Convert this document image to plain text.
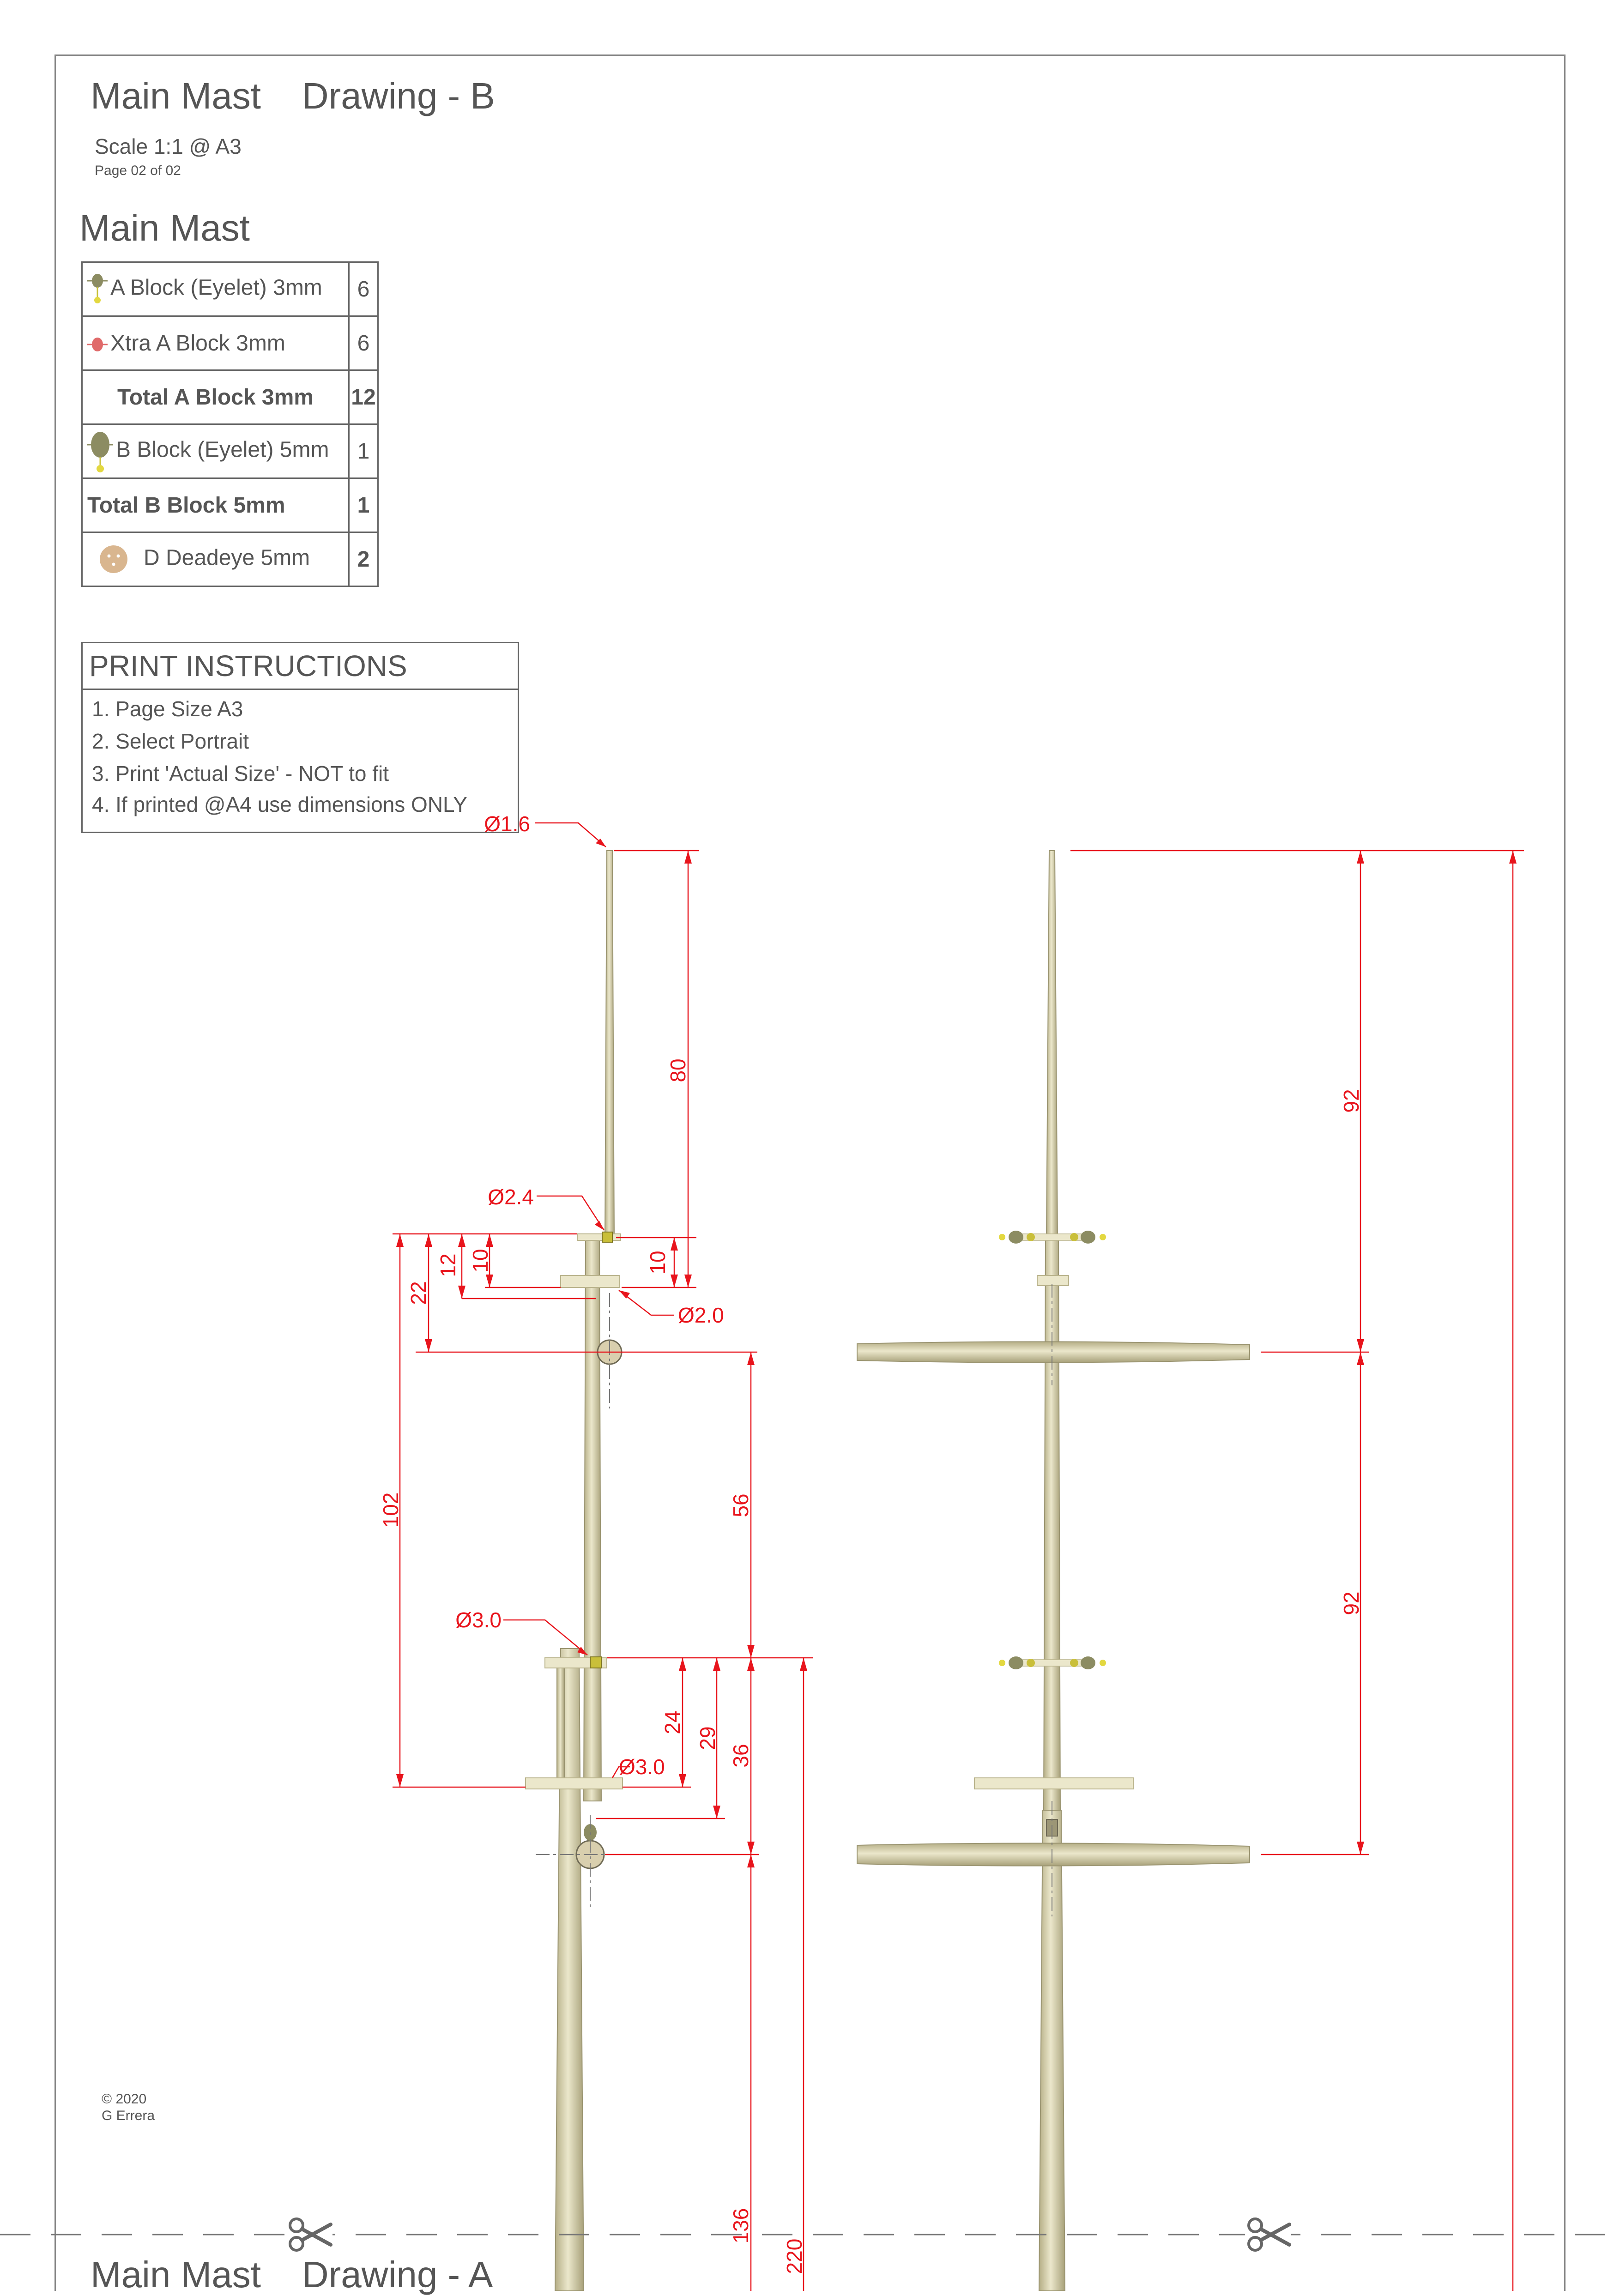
Main Mast Drawing - B
Scale 1:1 @ A3
Page 02 of 02
Main Mast
A Block (Eyelet) 3mm	6
Xtra A Block 3mm	6
Total A Block 3mm	12
B Block (Eyelet) 5mm	1
Total B Block 5mm	1
D Deadeye 5mm	2
PRINT INSTRUCTIONS
1. Page Size A3
2. Select Portrait
3. Print 'Actual Size' - NOT to fit
4. If printed @A4 use dimensions ONLY
Ø1.6
Ø2.4
Ø2.0
Ø3.0
Ø3.0
80
10
10
12
22
102	56
24
29
36
136
220
92
92
© 2020
G Errera
Main Mast Drawing - A
